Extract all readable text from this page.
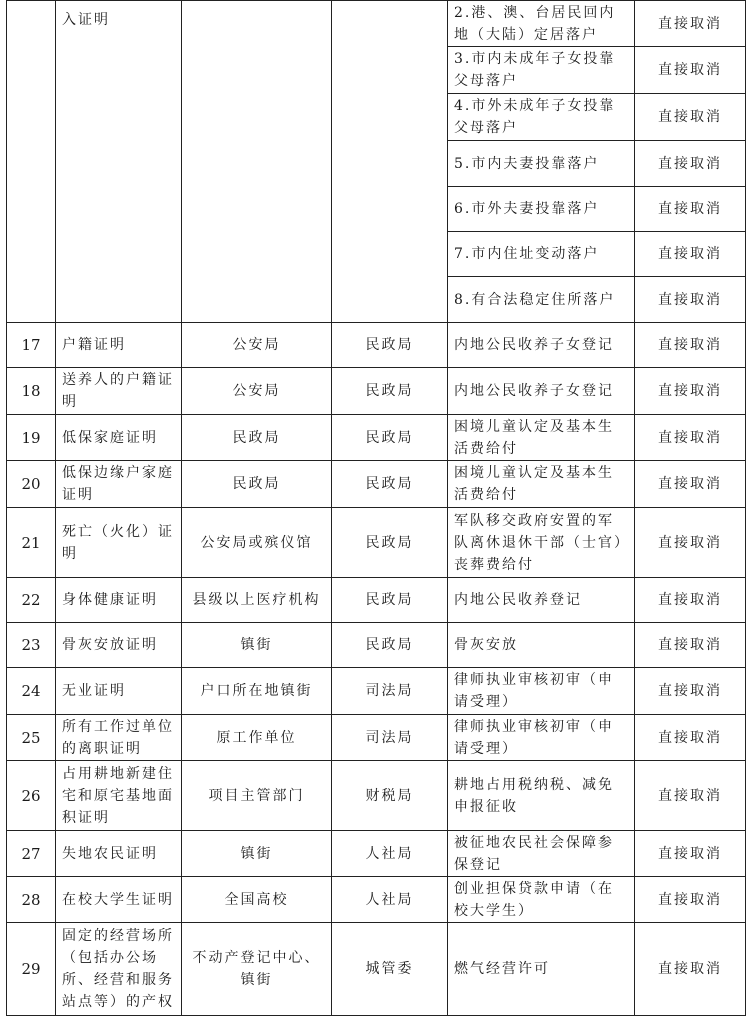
	入证明			2.港、澳、台居民回内地（大陆）定居落户	直接取消
				3.市内未成年子女投靠父母落户	直接取消
				4.市外未成年子女投靠父母落户	直接取消
				5.市内夫妻投靠落户	直接取消
				6.市外夫妻投靠落户	直接取消
				7.市内住址变动落户	直接取消
				8.有合法稳定住所落户	直接取消
17	户籍证明	公安局	民政局	内地公民收养子女登记	直接取消
18	送养人的户籍证明	公安局	民政局	内地公民收养子女登记	直接取消
19	低保家庭证明	民政局	民政局	困境儿童认定及基本生活费给付	直接取消
20	低保边缘户家庭证明	民政局	民政局	困境儿童认定及基本生活费给付	直接取消
21	死亡（火化）证明	公安局或殡仪馆	民政局	军队移交政府安置的军队离休退休干部（士官）丧葬费给付	直接取消
22	身体健康证明	县级以上医疗机构	民政局	内地公民收养登记	直接取消
23	骨灰安放证明	镇街	民政局	骨灰安放	直接取消
24	无业证明	户口所在地镇街	司法局	律师执业审核初审（申请受理）	直接取消
25	所有工作过单位的离职证明	原工作单位	司法局	律师执业审核初审（申请受理）	直接取消
26	占用耕地新建住宅和原宅基地面积证明	项目主管部门	财税局	耕地占用税纳税、减免申报征收	直接取消
27	失地农民证明	镇街	人社局	被征地农民社会保障参保登记	直接取消
28	在校大学生证明	全国高校	人社局	创业担保贷款申请（在校大学生）	直接取消
29	固定的经营场所（包括办公场所、经营和服务站点等）的产权	不动产登记中心、镇街	城管委	燃气经营许可	直接取消
